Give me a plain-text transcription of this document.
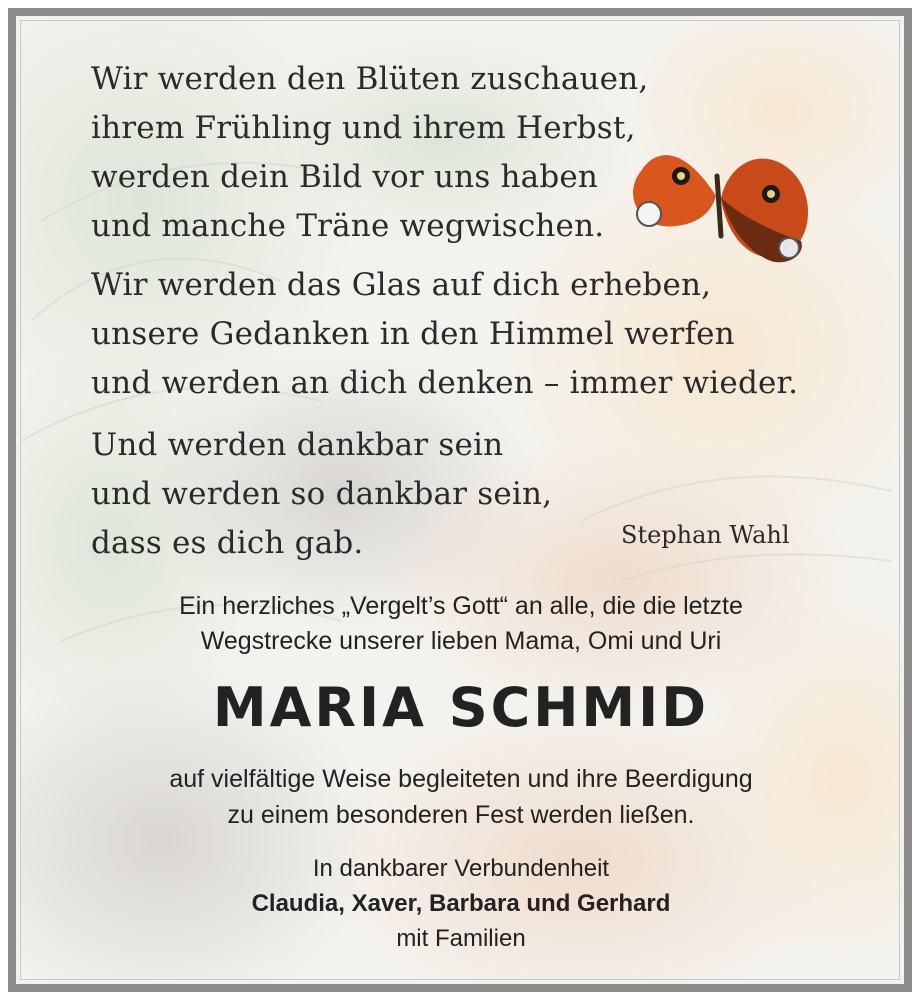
Wir werden den Blüten zuschauen,
ihrem Frühling und ihrem Herbst,
werden dein Bild vor uns haben
und manche Träne wegwischen.
Wir werden das Glas auf dich erheben,
unsere Gedanken in den Himmel werfen
und werden an dich denken – immer wieder.
Und werden dankbar sein
und werden so dankbar sein,
dass es dich gab.	Stephan Wahl
Ein herzliches „Vergelt’s Gott“ an alle, die die letzte
Wegstrecke unserer lieben Mama, Omi und Uri
MARIA SCHMID
auf vielfältige Weise begleiteten und ihre Beerdigung
zu einem besonderen Fest werden ließen.
In dankbarer Verbundenheit
Claudia, Xaver, Barbara und Gerhard
mit Familien
